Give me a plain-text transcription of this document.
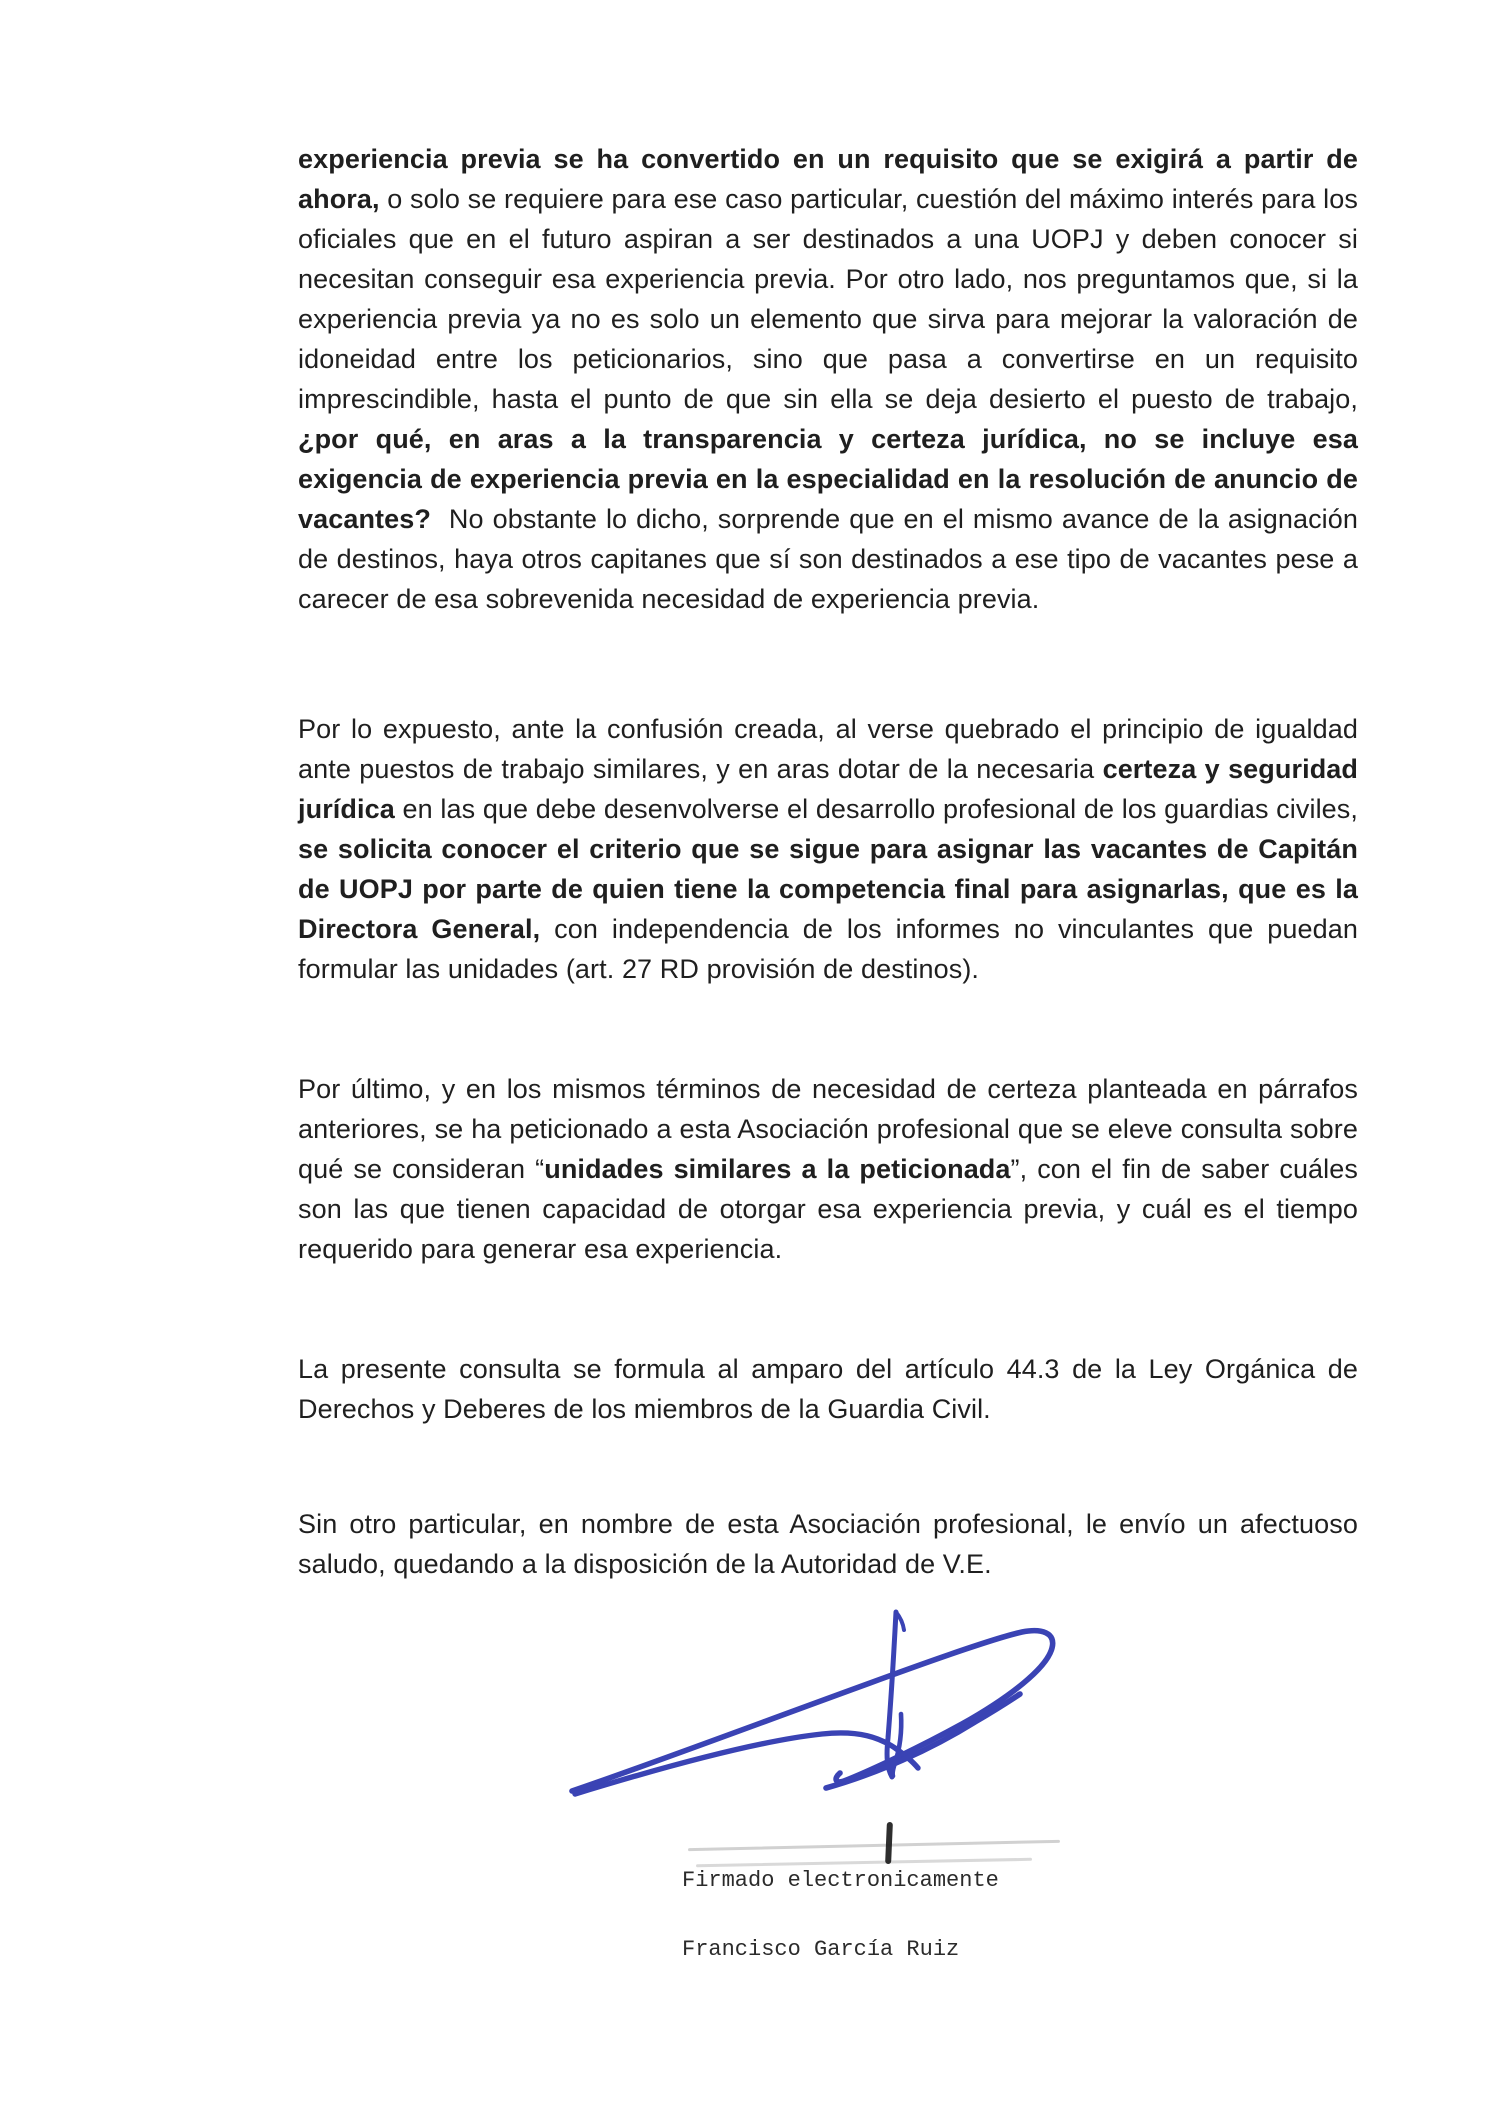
experiencia previa se ha convertido en un requisito que se exigirá a partir de ahora, o solo se requiere para ese caso particular, cuestión del máximo interés para los oficiales que en el futuro aspiran a ser destinados a una UOPJ y deben conocer si necesitan conseguir esa experiencia previa. Por otro lado, nos preguntamos que, si la experiencia previa ya no es solo un elemento que sirva para mejorar la valoración de idoneidad entre los peticionarios, sino que pasa a convertirse en un requisito imprescindible, hasta el punto de que sin ella se deja desierto el puesto de trabajo, ¿por qué, en aras a la transparencia y certeza jurídica, no se incluye esa exigencia de experiencia previa en la especialidad en la resolución de anuncio de vacantes?  No obstante lo dicho, sorprende que en el mismo avance de la asignación de destinos, haya otros capitanes que sí son destinados a ese tipo de vacantes pese a carecer de esa sobrevenida necesidad de experiencia previa.

Por lo expuesto, ante la confusión creada, al verse quebrado el principio de igualdad ante puestos de trabajo similares, y en aras dotar de la necesaria certeza y seguridad jurídica en las que debe desenvolverse el desarrollo profesional de los guardias civiles, se solicita conocer el criterio que se sigue para asignar las vacantes de Capitán de UOPJ por parte de quien tiene la competencia final para asignarlas, que es la Directora General, con independencia de los informes no vinculantes que puedan formular las unidades (art. 27 RD provisión de destinos).

Por último, y en los mismos términos de necesidad de certeza planteada en párrafos anteriores, se ha peticionado a esta Asociación profesional que se eleve consulta sobre qué se consideran “unidades similares a la peticionada”, con el fin de saber cuáles son las que tienen capacidad de otorgar esa experiencia previa, y cuál es el tiempo requerido para generar esa experiencia.

La presente consulta se formula al amparo del artículo 44.3 de la Ley Orgánica de Derechos y Deberes de los miembros de la Guardia Civil.

Sin otro particular, en nombre de esta Asociación profesional, le envío un afectuoso saludo, quedando a la disposición de la Autoridad de V.E.

Firmado electronicamente

Francisco García Ruiz
